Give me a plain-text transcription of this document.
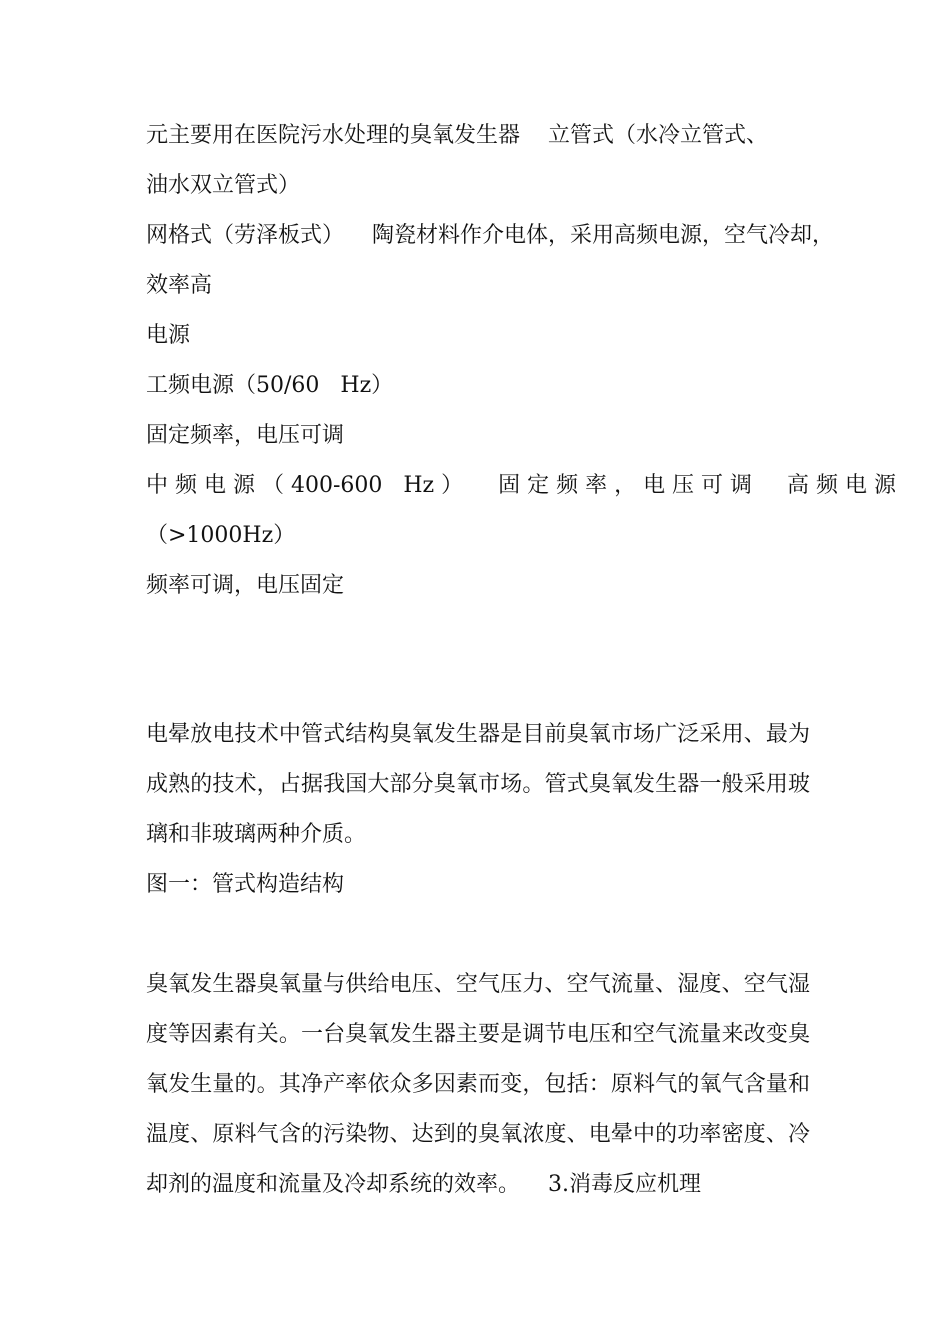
元主要用在医院污水处理的臭氧发生器    立管式（水冷立管式、
油水双立管式）
网格式（劳泽板式）    陶瓷材料作介电体，采用高频电源，空气冷却，
效率高
电源
工频电源（50/60   Hz）
固定频率，电压可调
中 频 电 源 （ 400-600   Hz ）     固 定 频 率 ， 电 压 可 调     高 频 电 源
（>1000Hz）
频率可调，电压固定
电晕放电技术中管式结构臭氧发生器是目前臭氧市场广泛采用、最为
成熟的技术，占据我国大部分臭氧市场。管式臭氧发生器一般采用玻
璃和非玻璃两种介质。
图一：管式构造结构
臭氧发生器臭氧量与供给电压、空气压力、空气流量、湿度、空气湿
度等因素有关。一台臭氧发生器主要是调节电压和空气流量来改变臭
氧发生量的。其净产率依众多因素而变，包括：原料气的氧气含量和
温度、原料气含的污染物、达到的臭氧浓度、电晕中的功率密度、冷
却剂的温度和流量及冷却系统的效率。    3.消毒反应机理
